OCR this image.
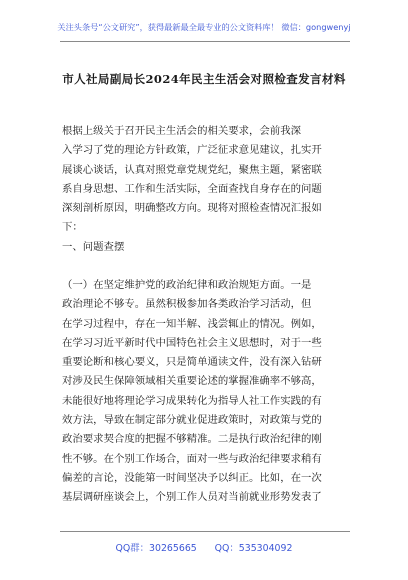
关注头条号“公文研究”，获得最新最全最专业的公文资料库！ 微信：gongwenyj
市人社局副局长2024年民主生活会对照检查发言材料
根据上级关于召开民主生活会的相关要求，会前我深
入学习了党的理论方针政策，广泛征求意见建议，扎实开
展谈心谈话，认真对照党章党规党纪，聚焦主题，紧密联
系自身思想、工作和生活实际，全面查找自身存在的问题
深刻剖析原因，明确整改方向。现将对照检查情况汇报如
下：
一、问题查摆
（一）在坚定维护党的政治纪律和政治规矩方面。一是
政治理论不够专。虽然积极参加各类政治学习活动，但
在学习过程中，存在一知半解、浅尝辄止的情况。例如，
在学习习近平新时代中国特色社会主义思想时，对于一些
重要论断和核心要义，只是简单通读文件，没有深入钻研
对涉及民生保障领域相关重要论述的掌握准确率不够高，
未能很好地将理论学习成果转化为指导人社工作实践的有
效方法，导致在制定部分就业促进政策时，对政策与党的
政治要求契合度的把握不够精准。二是执行政治纪律的刚
性不够。在个别工作场合，面对一些与政治纪律要求稍有
偏差的言论，没能第一时间坚决予以纠正。比如，在一次
基层调研座谈会上，个别工作人员对当前就业形势发表了
QQ群：30265665      QQ：535304092
